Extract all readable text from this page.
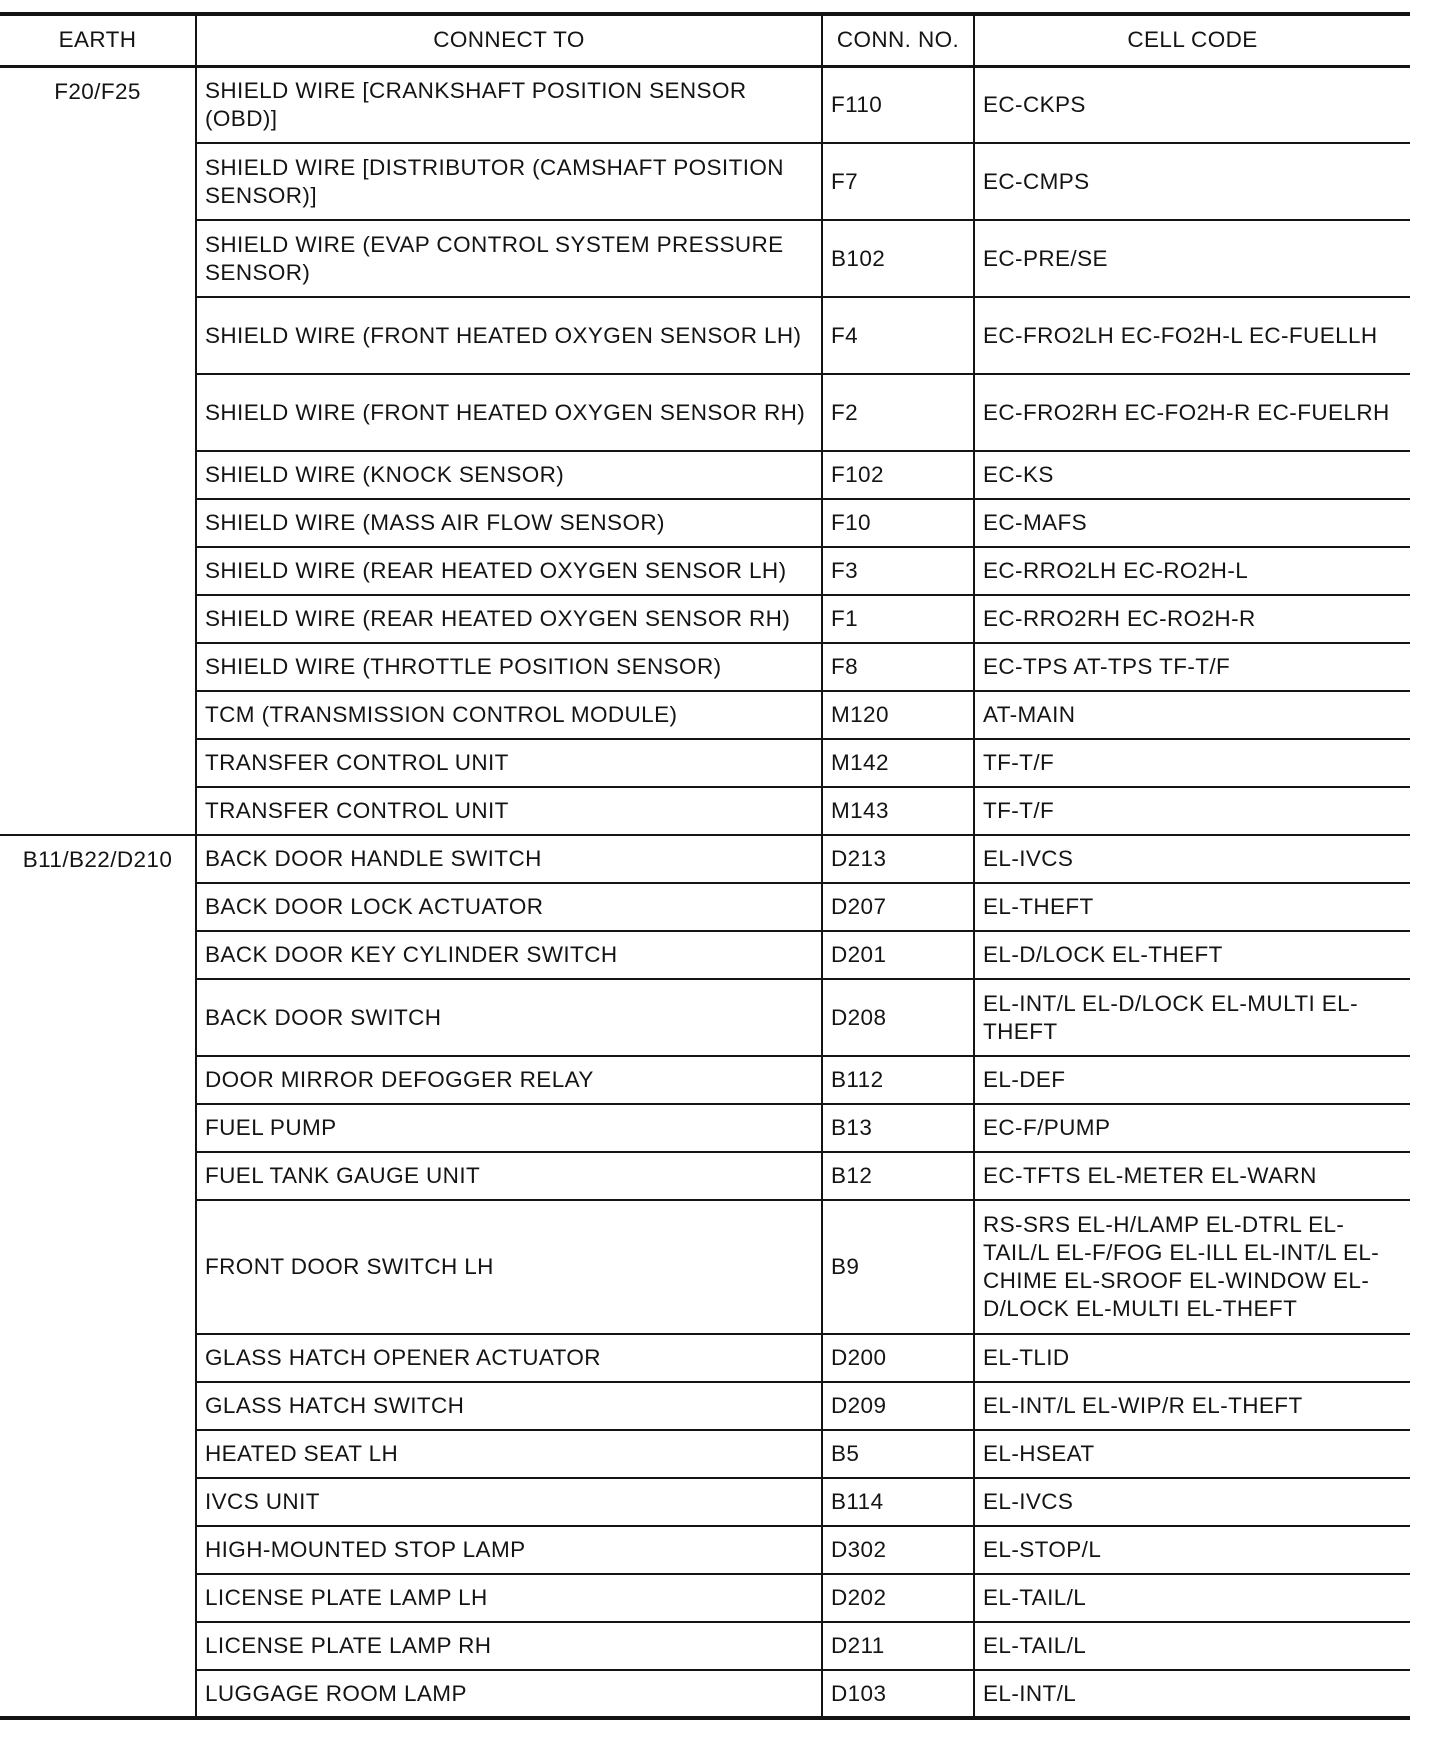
EARTH	CONNECT TO	CONN. NO.	CELL CODE
F20/F25	SHIELD WIRE [CRANKSHAFT POSITION SENSOR (OBD)]	F110	EC-CKPS
	SHIELD WIRE [DISTRIBUTOR (CAMSHAFT POSITION SENSOR)]	F7	EC-CMPS
	SHIELD WIRE (EVAP CONTROL SYSTEM PRESSURE SENSOR)	B102	EC-PRE/SE
	SHIELD WIRE (FRONT HEATED OXYGEN SENSOR LH)	F4	EC-FRO2LH EC-FO2H-L EC-FUELLH
	SHIELD WIRE (FRONT HEATED OXYGEN SENSOR RH)	F2	EC-FRO2RH EC-FO2H-R EC-FUELRH
	SHIELD WIRE (KNOCK SENSOR)	F102	EC-KS
	SHIELD WIRE (MASS AIR FLOW SENSOR)	F10	EC-MAFS
	SHIELD WIRE (REAR HEATED OXYGEN SENSOR LH)	F3	EC-RRO2LH EC-RO2H-L
	SHIELD WIRE (REAR HEATED OXYGEN SENSOR RH)	F1	EC-RRO2RH EC-RO2H-R
	SHIELD WIRE (THROTTLE POSITION SENSOR)	F8	EC-TPS AT-TPS TF-T/F
	TCM (TRANSMISSION CONTROL MODULE)	M120	AT-MAIN
	TRANSFER CONTROL UNIT	M142	TF-T/F
	TRANSFER CONTROL UNIT	M143	TF-T/F
B11/B22/D210	BACK DOOR HANDLE SWITCH	D213	EL-IVCS
	BACK DOOR LOCK ACTUATOR	D207	EL-THEFT
	BACK DOOR KEY CYLINDER SWITCH	D201	EL-D/LOCK EL-THEFT
	BACK DOOR SWITCH	D208	EL-INT/L EL-D/LOCK EL-MULTI EL-THEFT
	DOOR MIRROR DEFOGGER RELAY	B112	EL-DEF
	FUEL PUMP	B13	EC-F/PUMP
	FUEL TANK GAUGE UNIT	B12	EC-TFTS EL-METER EL-WARN
	FRONT DOOR SWITCH LH	B9	RS-SRS EL-H/LAMP EL-DTRL EL-TAIL/L EL-F/FOG EL-ILL EL-INT/L EL-CHIME EL-SROOF EL-WINDOW EL-D/LOCK EL-MULTI EL-THEFT
	GLASS HATCH OPENER ACTUATOR	D200	EL-TLID
	GLASS HATCH SWITCH	D209	EL-INT/L EL-WIP/R EL-THEFT
	HEATED SEAT LH	B5	EL-HSEAT
	IVCS UNIT	B114	EL-IVCS
	HIGH-MOUNTED STOP LAMP	D302	EL-STOP/L
	LICENSE PLATE LAMP LH	D202	EL-TAIL/L
	LICENSE PLATE LAMP RH	D211	EL-TAIL/L
	LUGGAGE ROOM LAMP	D103	EL-INT/L
